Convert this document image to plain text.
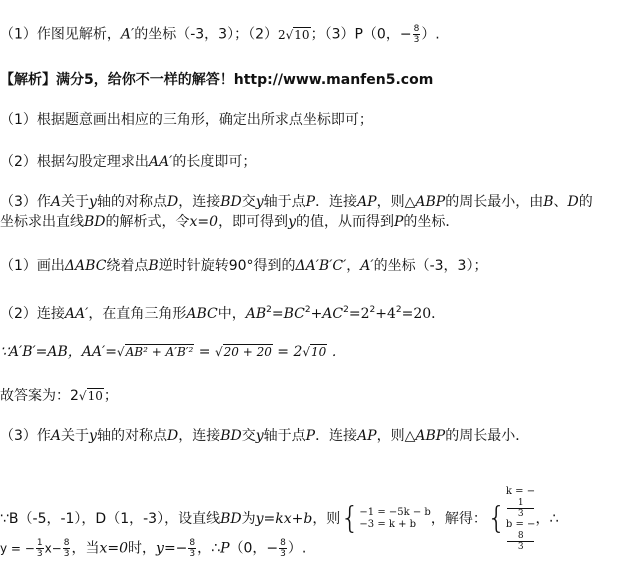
（1）作图见解析，A′的坐标（-3，3）；（2）2√10；（3）P（0，− $\frac{8}{3}$ ）.
【解析】满分5，给你不一样的解答！http://www.manfen5.com
（1）根据题意画出相应的三角形，确定出所求点坐标即可；
（2）根据勾股定理求出AA′的长度即可；
（3）作A关于y轴的对称点D，连接BD交y轴于点P．连接AP，则△ABP的周长最小，由B、D的
坐标求出直线BD的解析式，令x=0，即可得到y的值，从而得到P的坐标．
（1）画出ΔABC绕着点B逆时针旋转90°得到的ΔA′B′C′，A′的坐标（-3，3）；
（2）连接AA′，在直角三角形ABC中，$AB^2=BC^2+AC^2=2^2+4^2=20$．
∵A′B′=AB，AA′=√AB² + A′B′² = √20 + 20 = 2√10 ．
故答案为：2√10；
（3）作A关于y轴的对称点D，连接BD交y轴于点P．连接AP，则△ABP的周长最小．
∵B（-5，-1），D（1，-3），设直线BD为y=kx+b，则{ −1 = −5k − b
−3 = k + b	，解得：{
k = −
1
3
b = −
8
3
，∴
y = − $\frac{1}{3} x- \frac{8}{3}$ ，当x=0时，$y=- \frac{8}{3}$ ，∴P（0，− $\frac{8}{3}$ ）.
